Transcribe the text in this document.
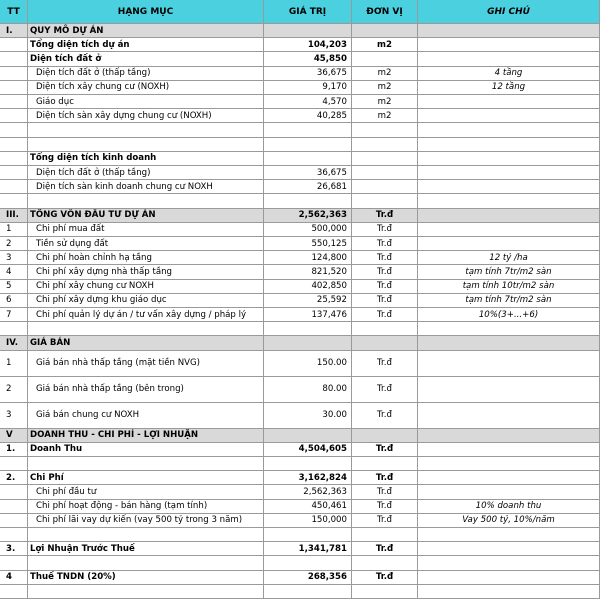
TT	HẠNG MỤC	GIÁ TRỊ	ĐƠN VỊ	GHI CHÚ
I.	QUY MÔ DỰ ÁN
Tổng diện tích dự án	104,203	m2
Diện tích đất ở	45,850
Diện tích đất ở (thấp tầng)	36,675	m2	4 tầng
Diện tích xây chung cư (NOXH)	9,170	m2	12 tầng
Giáo dục	4,570	m2
Diện tích sàn xây dựng chung cư (NOXH)	40,285	m2
Tổng diện tích kinh doanh
Diện tích đất ở (thấp tầng)	36,675
Diện tích sàn kinh doanh chung cư NOXH	26,681
III.	TỔNG VỐN ĐẦU TƯ DỰ ÁN	2,562,363	Tr.đ
1	Chi phí mua đất	500,000	Tr.đ
2	Tiền sử dụng đất	550,125	Tr.đ
3	Chi phí hoàn chỉnh hạ tầng	124,800	Tr.đ	12 tỷ /ha
4	Chi phí xây dựng nhà thấp tầng	821,520	Tr.đ	tạm tính 7tr/m2 sàn
5	Chi phí xây chung cư NOXH	402,850	Tr.đ	tạm tính 10tr/m2 sàn
6	Chi phí xây dựng khu giáo dục	25,592	Tr.đ	tạm tính 7tr/m2 sàn
7	Chi phí quản lý dự án / tư vấn xây dựng / pháp lý	137,476	Tr.đ	10%(3+...+6)
IV.	GIÁ BÁN
1	Giá bán nhà thấp tầng (mặt tiền NVG)	150.00	Tr.đ
2	Giá bán nhà thấp tầng (bên trong)	80.00	Tr.đ
3	Giá bán chung cư NOXH	30.00	Tr.đ
V	DOANH THU - CHI PHÍ - LỢI NHUẬN
1.	Doanh Thu	4,504,605	Tr.đ
2.	Chi Phí	3,162,824	Tr.đ
Chi phí đầu tư	2,562,363	Tr.đ
Chi phí hoạt động - bán hàng (tạm tính)	450,461	Tr.đ	10% doanh thu
Chi phí lãi vay dự kiến (vay 500 tỷ trong 3 năm)	150,000	Tr.đ	Vay 500 tỷ, 10%/năm
3.	Lợi Nhuận Trước Thuế	1,341,781	Tr.đ
4	Thuế TNDN (20%)	268,356	Tr.đ
